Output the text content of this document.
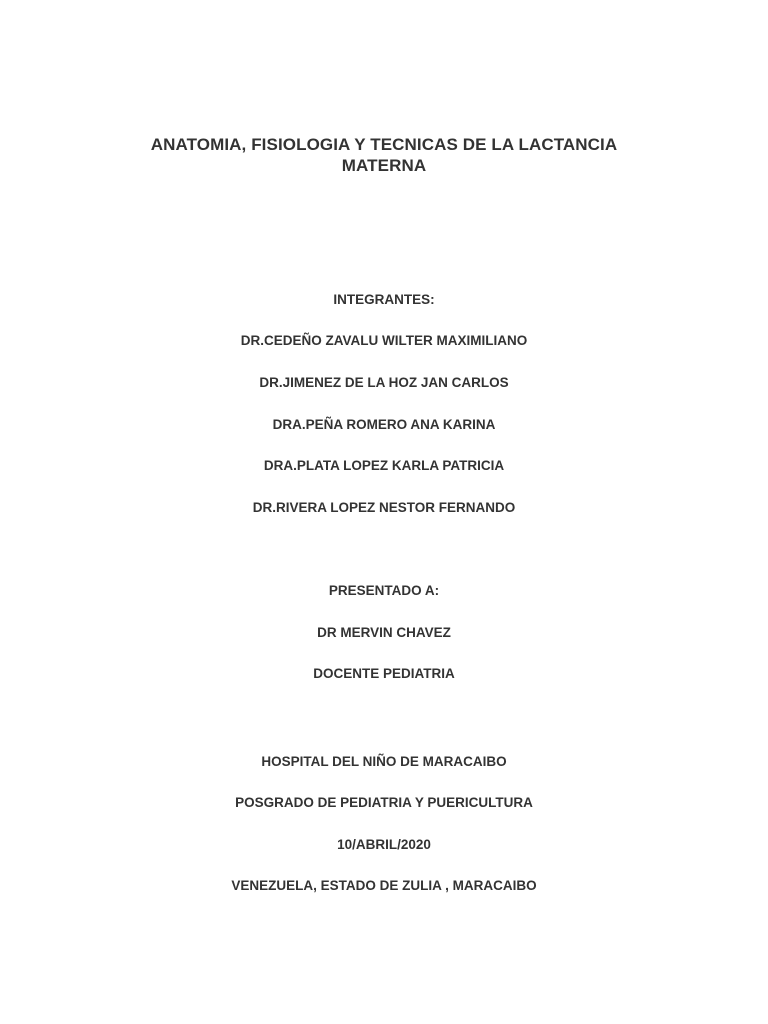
ANATOMIA, FISIOLOGIA Y TECNICAS DE LA LACTANCIA
MATERNA
INTEGRANTES:
DR.CEDEÑO ZAVALU WILTER MAXIMILIANO
DR.JIMENEZ DE LA HOZ JAN CARLOS
DRA.PEÑA ROMERO ANA KARINA
DRA.PLATA LOPEZ KARLA PATRICIA
DR.RIVERA LOPEZ NESTOR FERNANDO
PRESENTADO A:
DR MERVIN CHAVEZ
DOCENTE PEDIATRIA
HOSPITAL DEL NIÑO DE MARACAIBO
POSGRADO DE PEDIATRIA Y PUERICULTURA
10/ABRIL/2020
VENEZUELA, ESTADO DE ZULIA , MARACAIBO
